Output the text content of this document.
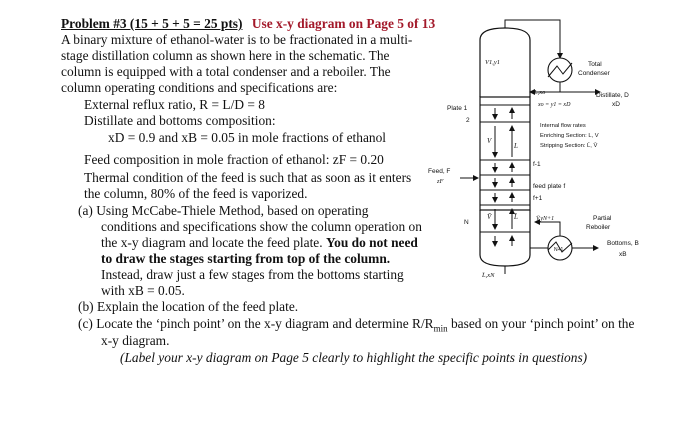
Problem #3 (15 + 5 + 5 = 25 pts) Use x-y diagram on Page 5 of 13
A binary mixture of ethanol-water is to be fractionated in a multi-
stage distillation column as shown here in the schematic. The
column is equipped with a total condenser and a reboiler. The
column operating conditions and specifications are:
External reflux ratio, R = L/D = 8
Distillate and bottoms composition:
xD = 0.9 and xB = 0.05 in mole fractions of ethanol
Feed composition in mole fraction of ethanol: zF = 0.20
Thermal condition of the feed is such that as soon as it enters
the column, 80% of the feed is vaporized.
(a) Using McCabe-Thiele Method, based on operating
conditions and specifications show the column operation on
the x-y diagram and locate the feed plate. You do not need
to draw the stages starting from top of the column.
Instead, draw just a few stages from the bottoms starting
with xB = 0.05.
(b) Explain the location of the feed plate.
(c) Locate the ‘pinch point’ on the x-y diagram and determine $R/R_{min}$ based on your ‘pinch point’ on the
x-y diagram.
(Label your x-y diagram on Page 5 clearly to highlight the specific points in questions)
V1,y1	Total
Condenser
L,xo
xo = y1 = xD
Distillate, D
xD
Plate 1
2
Internal flow rates
Enriching Section: L, V
Stripping Section: L̄, V̄
V
L
f-1
Feed, F
zF
feed plate f
f+1
V̄	L̄
N	V̄,yN+1	Partial
Reboiler
Bottoms, B
xB
N+1
L̄,xN
